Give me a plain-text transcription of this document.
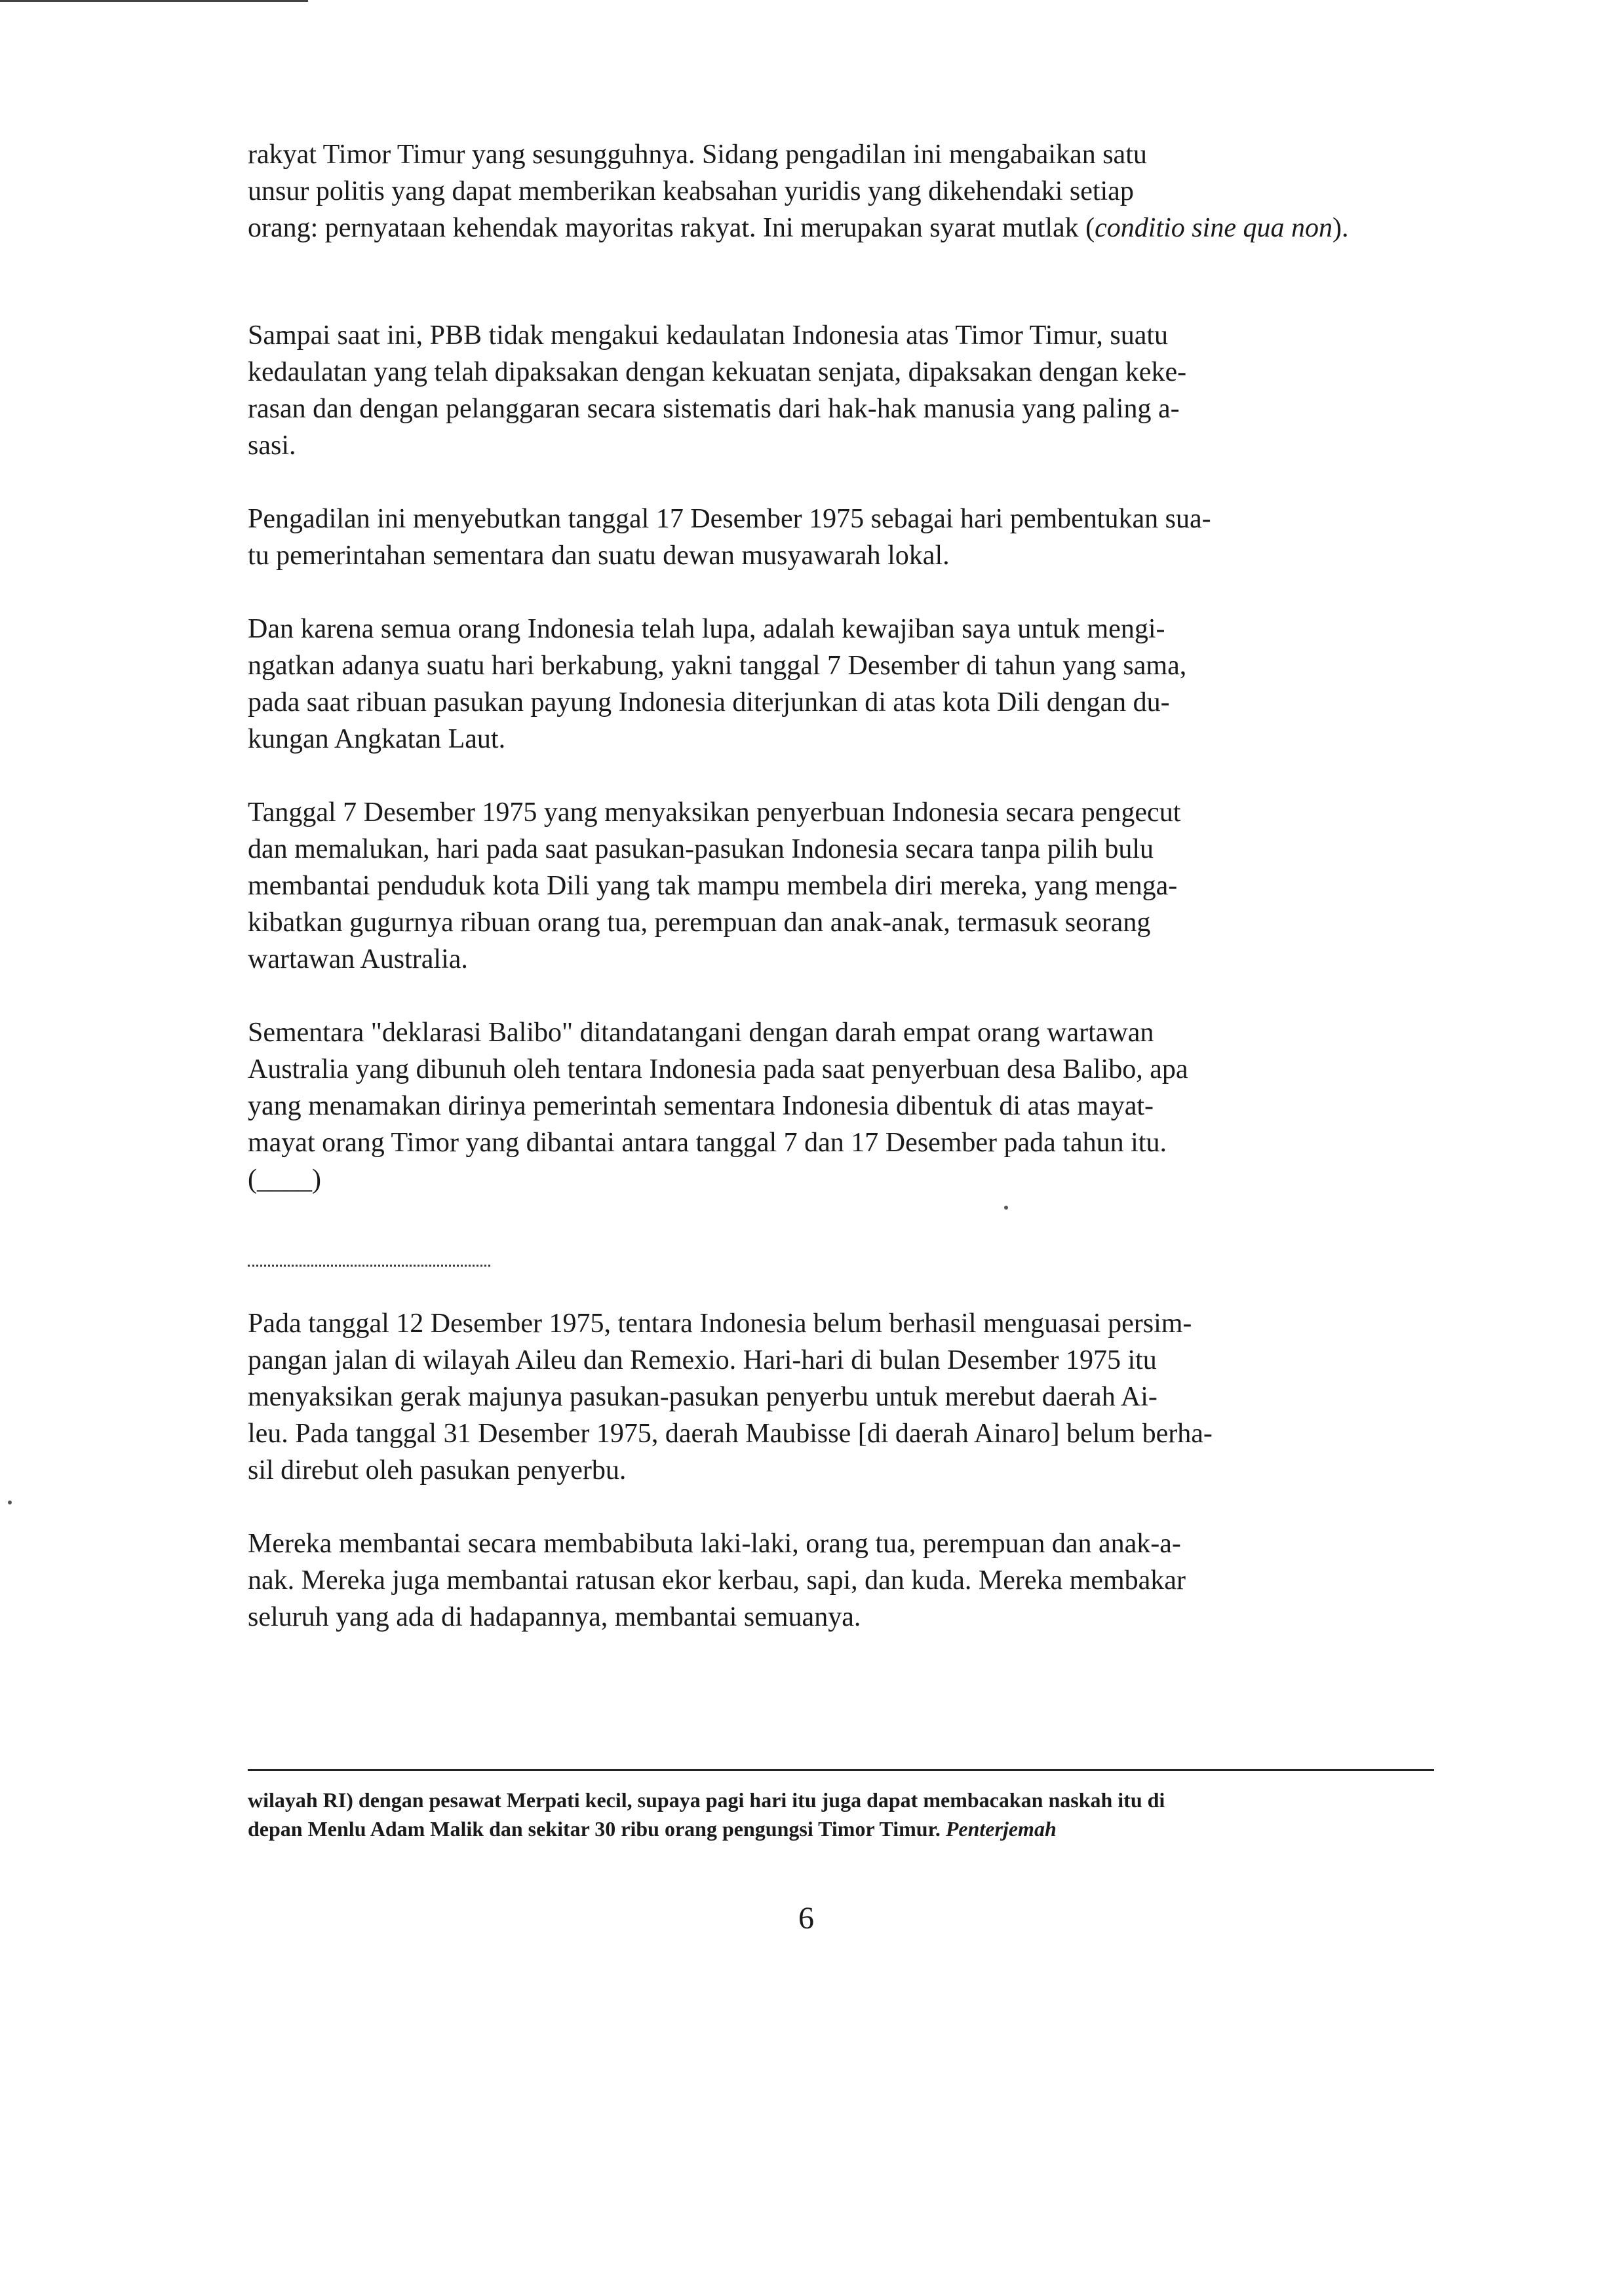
rakyat Timor Timur yang sesungguhnya. Sidang pengadilan ini mengabaikan satu
unsur politis yang dapat memberikan keabsahan yuridis yang dikehendaki setiap
orang: pernyataan kehendak mayoritas rakyat. Ini merupakan syarat mutlak (conditio sine qua non).
Sampai saat ini, PBB tidak mengakui kedaulatan Indonesia atas Timor Timur, suatu
kedaulatan yang telah dipaksakan dengan kekuatan senjata, dipaksakan dengan keke-
rasan dan dengan pelanggaran secara sistematis dari hak-hak manusia yang paling a-
sasi.
Pengadilan ini menyebutkan tanggal 17 Desember 1975 sebagai hari pembentukan sua-
tu pemerintahan sementara dan suatu dewan musyawarah lokal.
Dan karena semua orang Indonesia telah lupa, adalah kewajiban saya untuk mengi-
ngatkan adanya suatu hari berkabung, yakni tanggal 7 Desember di tahun yang sama,
pada saat ribuan pasukan payung Indonesia diterjunkan di atas kota Dili dengan du-
kungan Angkatan Laut.
Tanggal 7 Desember 1975 yang menyaksikan penyerbuan Indonesia secara pengecut
dan memalukan, hari pada saat pasukan-pasukan Indonesia secara tanpa pilih bulu
membantai penduduk kota Dili yang tak mampu membela diri mereka, yang menga-
kibatkan gugurnya ribuan orang tua, perempuan dan anak-anak, termasuk seorang
wartawan Australia.
Sementara "deklarasi Balibo" ditandatangani dengan darah empat orang wartawan
Australia yang dibunuh oleh tentara Indonesia pada saat penyerbuan desa Balibo, apa
yang menamakan dirinya pemerintah sementara Indonesia dibentuk di atas mayat-
mayat orang Timor yang dibantai antara tanggal 7 dan 17 Desember pada tahun itu.
(____)
Pada tanggal 12 Desember 1975, tentara Indonesia belum berhasil menguasai persim-
pangan jalan di wilayah Aileu dan Remexio. Hari-hari di bulan Desember 1975 itu
menyaksikan gerak majunya pasukan-pasukan penyerbu untuk merebut daerah Ai-
leu. Pada tanggal 31 Desember 1975, daerah Maubisse [di daerah Ainaro] belum berha-
sil direbut oleh pasukan penyerbu.
Mereka membantai secara membabibuta laki-laki, orang tua, perempuan dan anak-a-
nak. Mereka juga membantai ratusan ekor kerbau, sapi, dan kuda. Mereka membakar
seluruh yang ada di hadapannya, membantai semuanya.
wilayah RI) dengan pesawat Merpati kecil, supaya pagi hari itu juga dapat membacakan naskah itu di
depan Menlu Adam Malik dan sekitar 30 ribu orang pengungsi Timor Timur. Penterjemah
6
